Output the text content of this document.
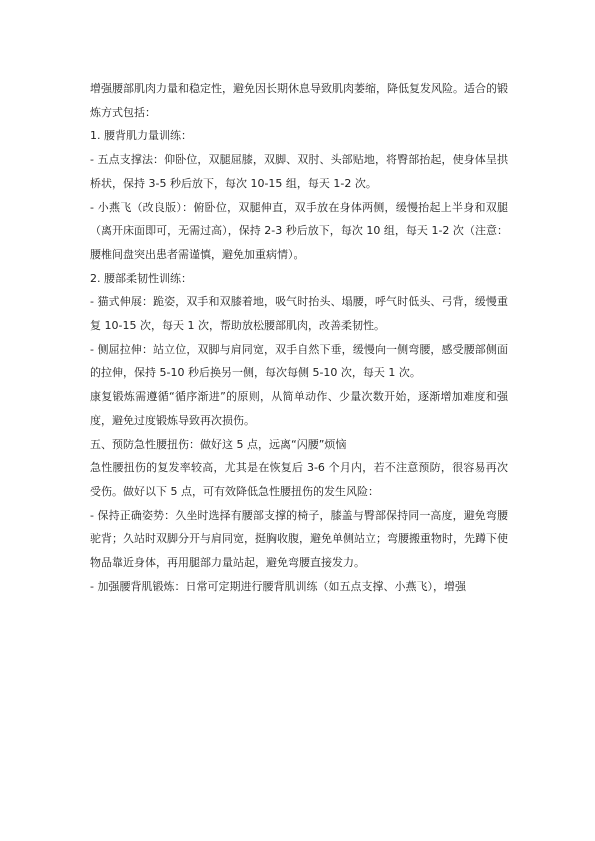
增强腰部肌肉力量和稳定性，避免因长期休息导致肌肉萎缩，降低复发风险。适合的锻炼方式包括：

1. 腰背肌力量训练：

- 五点支撑法：仰卧位，双腿屈膝，双脚、双肘、头部贴地，将臀部抬起，使身体呈拱桥状，保持 3-5 秒后放下，每次 10-15 组，每天 1-2 次。

- 小燕飞（改良版）：俯卧位，双腿伸直，双手放在身体两侧，缓慢抬起上半身和双腿（离开床面即可，无需过高），保持 2-3 秒后放下，每次 10 组，每天 1-2 次（注意：腰椎间盘突出患者需谨慎，避免加重病情）。

2. 腰部柔韧性训练：

- 猫式伸展：跪姿，双手和双膝着地，吸气时抬头、塌腰，呼气时低头、弓背，缓慢重复 10-15 次，每天 1 次，帮助放松腰部肌肉，改善柔韧性。

- 侧屈拉伸：站立位，双脚与肩同宽，双手自然下垂，缓慢向一侧弯腰，感受腰部侧面的拉伸，保持 5-10 秒后换另一侧，每次每侧 5-10 次，每天 1 次。

康复锻炼需遵循“循序渐进”的原则，从简单动作、少量次数开始，逐渐增加难度和强度，避免过度锻炼导致再次损伤。

五、预防急性腰扭伤：做好这 5 点，远离“闪腰”烦恼

急性腰扭伤的复发率较高，尤其是在恢复后 3-6 个月内，若不注意预防，很容易再次受伤。做好以下 5 点，可有效降低急性腰扭伤的发生风险：

- 保持正确姿势：久坐时选择有腰部支撑的椅子，膝盖与臀部保持同一高度，避免弯腰驼背；久站时双脚分开与肩同宽，挺胸收腹，避免单侧站立；弯腰搬重物时，先蹲下使物品靠近身体，再用腿部力量站起，避免弯腰直接发力。

- 加强腰背肌锻炼：日常可定期进行腰背肌训练（如五点支撑、小燕飞），增强
